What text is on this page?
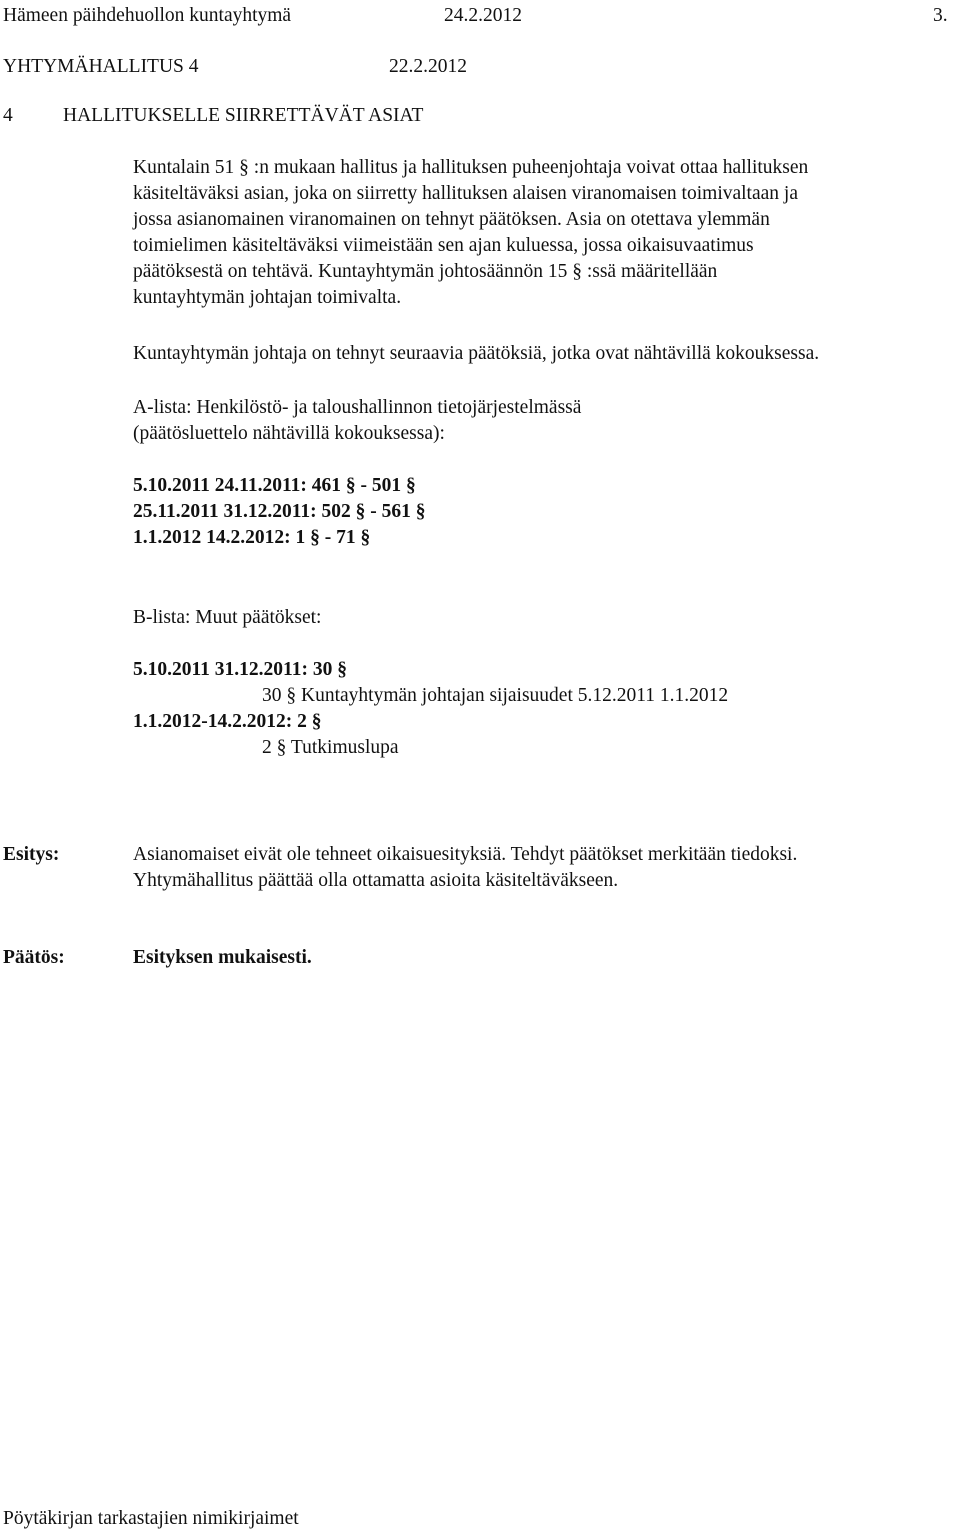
Hämeen päihdehuollon kuntayhtymä	24.2.2012	3.
YHTYMÄHALLITUS 4	22.2.2012
4	HALLITUKSELLE SIIRRETTÄVÄT ASIAT
Kuntalain 51 § :n mukaan hallitus ja hallituksen puheenjohtaja voivat ottaa hallituksen
käsiteltäväksi asian, joka on siirretty hallituksen alaisen viranomaisen toimivaltaan ja
jossa asianomainen viranomainen on tehnyt päätöksen. Asia on otettava ylemmän
toimielimen käsiteltäväksi viimeistään sen ajan kuluessa, jossa oikaisuvaatimus
päätöksestä on tehtävä. Kuntayhtymän johtosäännön 15 § :ssä määritellään
kuntayhtymän johtajan toimivalta.
Kuntayhtymän johtaja on tehnyt seuraavia päätöksiä, jotka ovat nähtävillä kokouksessa.
A-lista: Henkilöstö- ja taloushallinnon tietojärjestelmässä
(päätösluettelo nähtävillä kokouksessa):
5.10.2011 24.11.2011: 461 § - 501 §
25.11.2011 31.12.2011: 502 § - 561 §
1.1.2012 14.2.2012: 1 § - 71 §
B-lista: Muut päätökset:
5.10.2011 31.12.2011: 30 §
30 § Kuntayhtymän johtajan sijaisuudet 5.12.2011 1.1.2012
1.1.2012-14.2.2012: 2 §
2 § Tutkimuslupa
Esitys:	Asianomaiset eivät ole tehneet oikaisuesityksiä. Tehdyt päätökset merkitään tiedoksi.
Yhtymähallitus päättää olla ottamatta asioita käsiteltäväkseen.
Päätös:	Esityksen mukaisesti.
Pöytäkirjan tarkastajien nimikirjaimet
